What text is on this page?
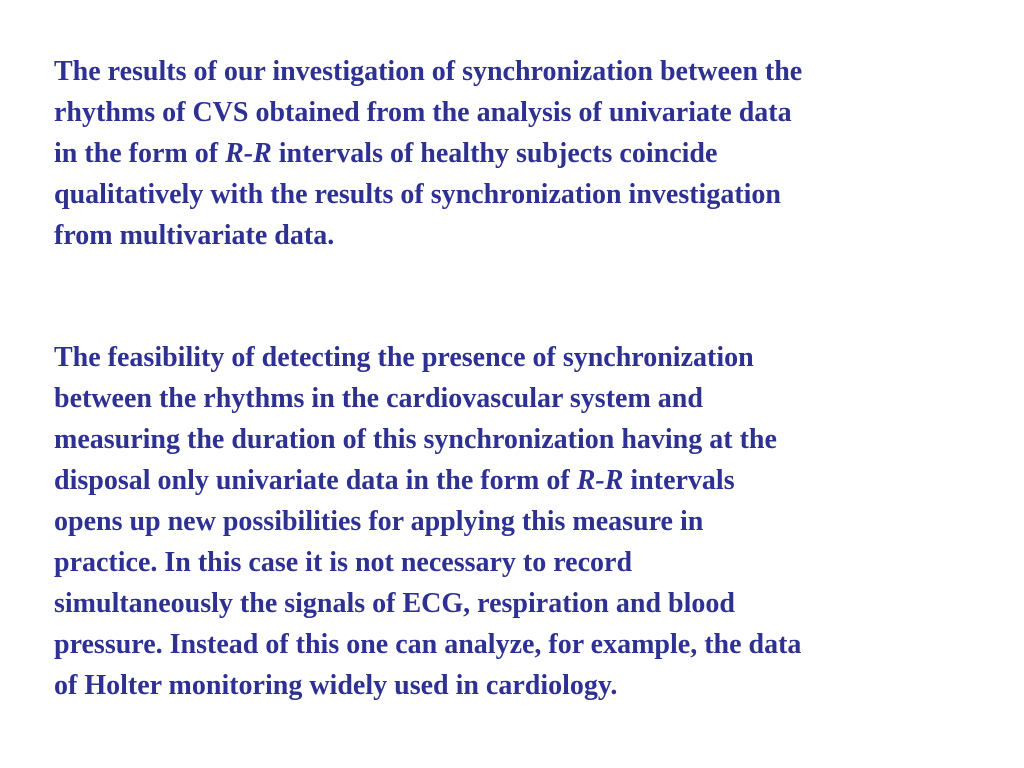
The results of our investigation of synchronization between the
rhythms of CVS obtained from the analysis of univariate data
in the form of R-R intervals of healthy subjects coincide
qualitatively with the results of synchronization investigation
from multivariate data.

The feasibility of detecting the presence of synchronization
between the rhythms in the cardiovascular system and
measuring the duration of this synchronization having at the
disposal only univariate data in the form of R-R intervals
opens up new possibilities for applying this measure in
practice. In this case it is not necessary to record
simultaneously the signals of ECG, respiration and blood
pressure. Instead of this one can analyze, for example, the data
of Holter monitoring widely used in cardiology.
